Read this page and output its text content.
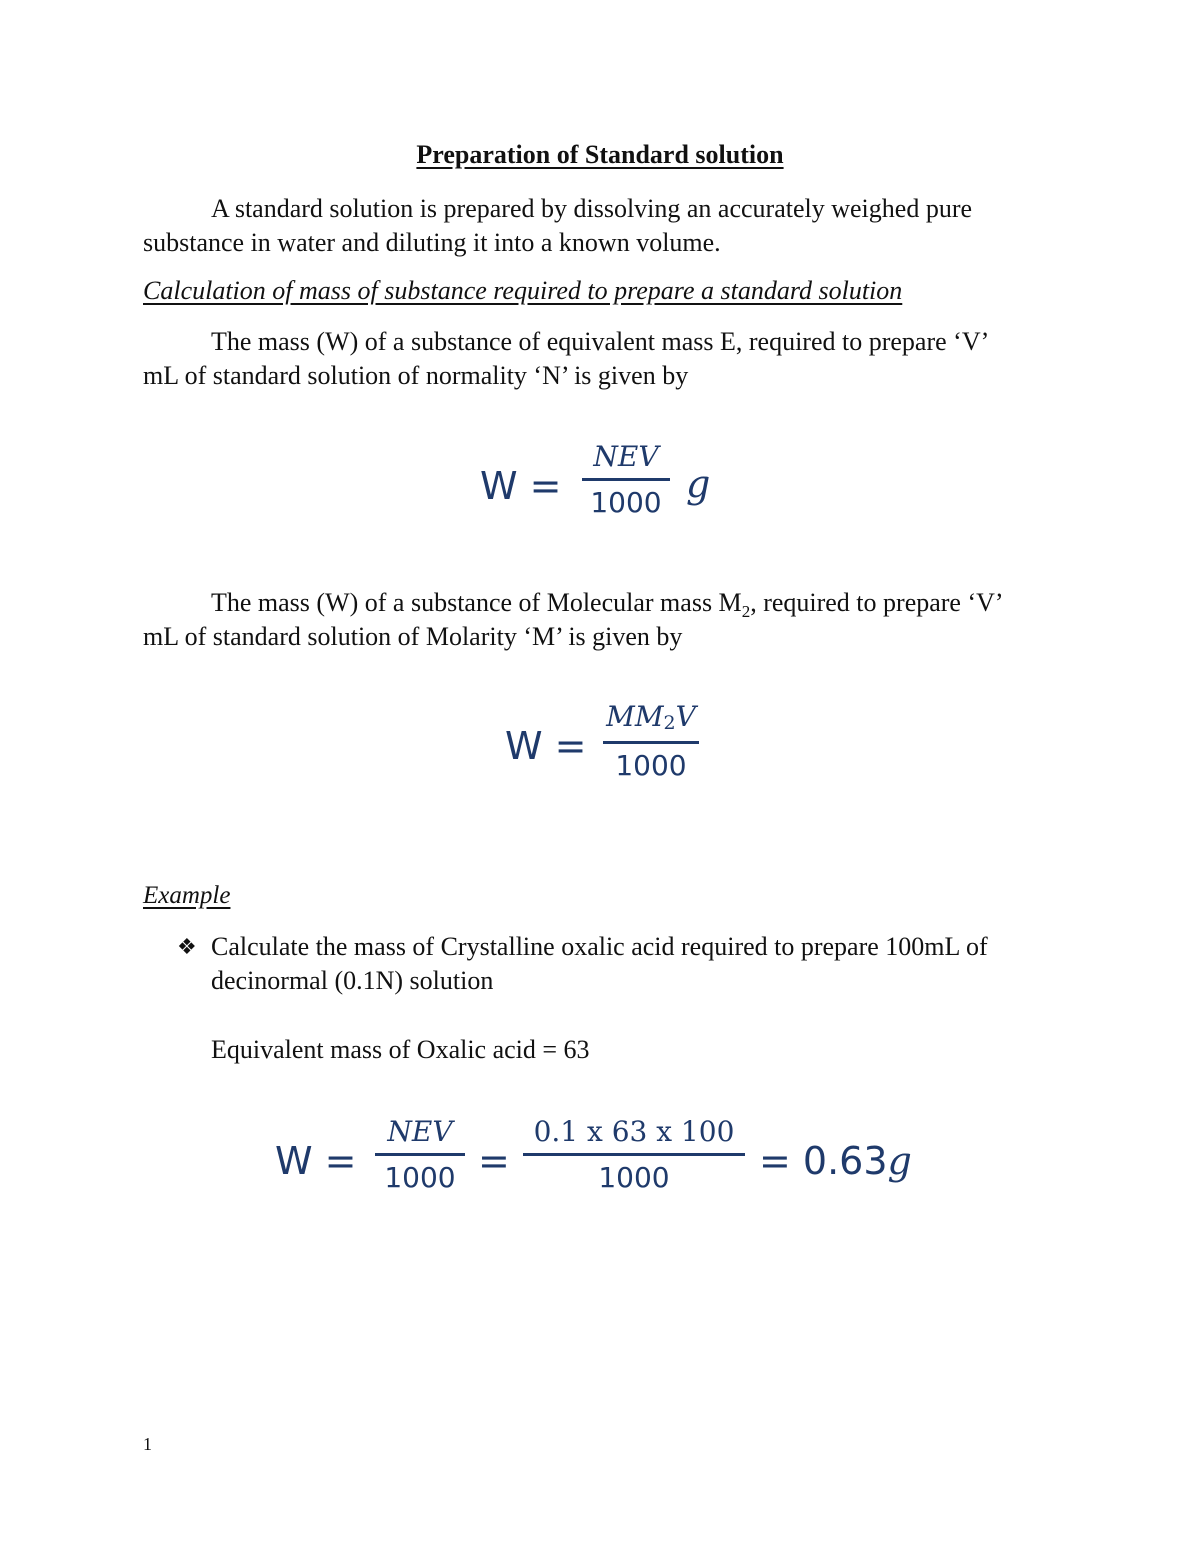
Preparation of Standard solution

A standard solution is prepared by dissolving an accurately weighed pure

substance in water and diluting it into a known volume.

Calculation of mass of substance required to prepare a standard solution

The mass (W) of a substance of equivalent mass E, required to prepare ‘V’

mL of standard solution of normality ‘N’ is given by

W =
NEV
1000 g

The mass (W) of a substance of Molecular mass $M_2$, required to prepare ‘V’

mL of standard solution of Molarity ‘M’ is given by

W =
MM2V
1000

Example

❖ Calculate the mass of Crystalline oxalic acid required to prepare 100mL of

decinormal (0.1N) solution

Equivalent mass of Oxalic acid = 63

W =
NEV
1000 =
0.1 x 63 x 100
1000 = 0.63g

1
